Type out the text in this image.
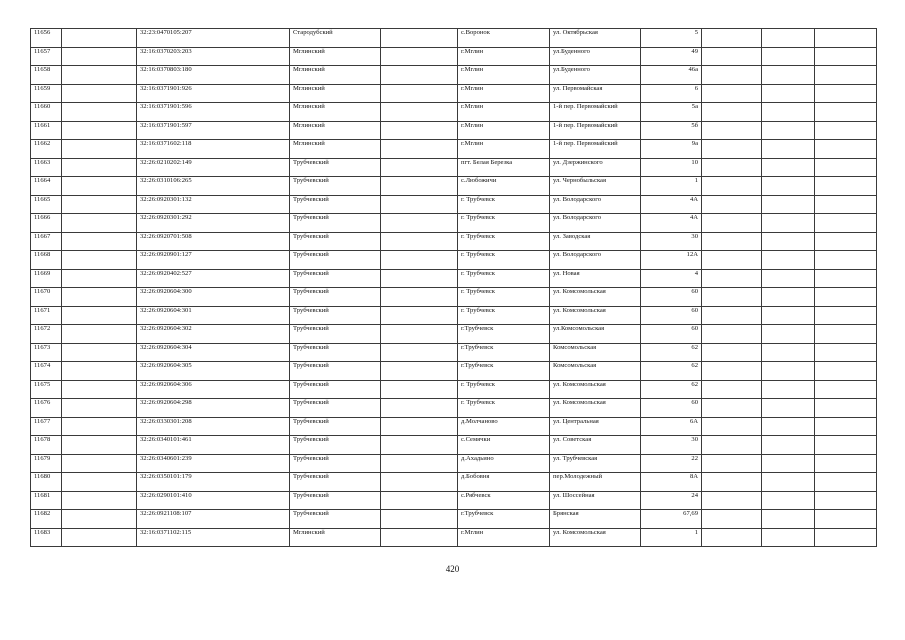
11656		32:23:0470105:207	Стародубский		с.Воронок	ул. Октябрьская	5			
11657		32:16:0370203:203	Мглинский		г.Мглин	ул.Буденного	49			
11658		32:16:0370803:180	Мглинский		г.Мглин	ул.Буденного	46а			
11659		32:16:0371901:926	Мглинский		г.Мглин	ул. Первомайская	6			
11660		32:16:0371901:596	Мглинский		г.Мглин	1-й пер. Первомайский	5а			
11661		32:16:0371901:597	Мглинский		г.Мглин	1-й пер. Первомайский	5б			
11662		32:16:0371602:118	Мглинский		г.Мглин	1-й пер. Первомайский	9а			
11663		32:26:0210202:149	Трубчевский		пгт. Белая Березка	ул. Дзержинского	10			
11664		32:26:0310106:265	Трубчевский		с.Любожичи	ул. Чернобыльская	1			
11665		32:26:0920301:132	Трубчевский		г. Трубчевск	ул. Володарского	4А			
11666		32:26:0920301:292	Трубчевский		г. Трубчевск	ул. Володарского	4А			
11667		32:26:0920701:508	Трубчевский		г. Трубчевск	ул. Заводская	30			
11668		32:26:0920901:127	Трубчевский		г. Трубчевск	ул. Володарского	12А			
11669		32:26:0920402:527	Трубчевский		г. Трубчевск	ул. Новая	4			
11670		32:26:0920604:300	Трубчевский		г. Трубчевск	ул. Комсомольская	60			
11671		32:26:0920604:301	Трубчевский		г. Трубчевск	ул. Комсомольская	60			
11672		32:26:0920604:302	Трубчевский		г.Трубчевск	ул.Комсомольская	60			
11673		32:26:0920604:304	Трубчевский		г.Трубчевск	Комсомольская	62			
11674		32:26:0920604:305	Трубчевский		г.Трубчевск	Комсомольская	62			
11675		32:26:0920604:306	Трубчевский		г. Трубчевск	ул. Комсомольская	62			
11676		32:26:0920604:298	Трубчевский		г. Трубчевск	ул. Комсомольская	60			
11677		32:26:0330301:208	Трубчевский		д.Молчаново	ул. Центральная	6А			
11678		32:26:0340101:461	Трубчевский		с.Семячки	ул. Советская	30			
11679		32:26:0340601:239	Трубчевский		д.Ахадьино	ул. Трубчевская	22			
11680		32:26:0350101:179	Трубчевский		д.Бобовня	пер.Молодежный	8А			
11681		32:26:0290101:410	Трубчевский		с.Рябчевск	ул. Шоссейная	24			
11682		32:26:0921108:107	Трубчевский		г.Трубчевск	Брянская	67,69			
11683		32:16:0371102:115	Мглинский		г.Мглин	ул. Комсомольская	1			
420
